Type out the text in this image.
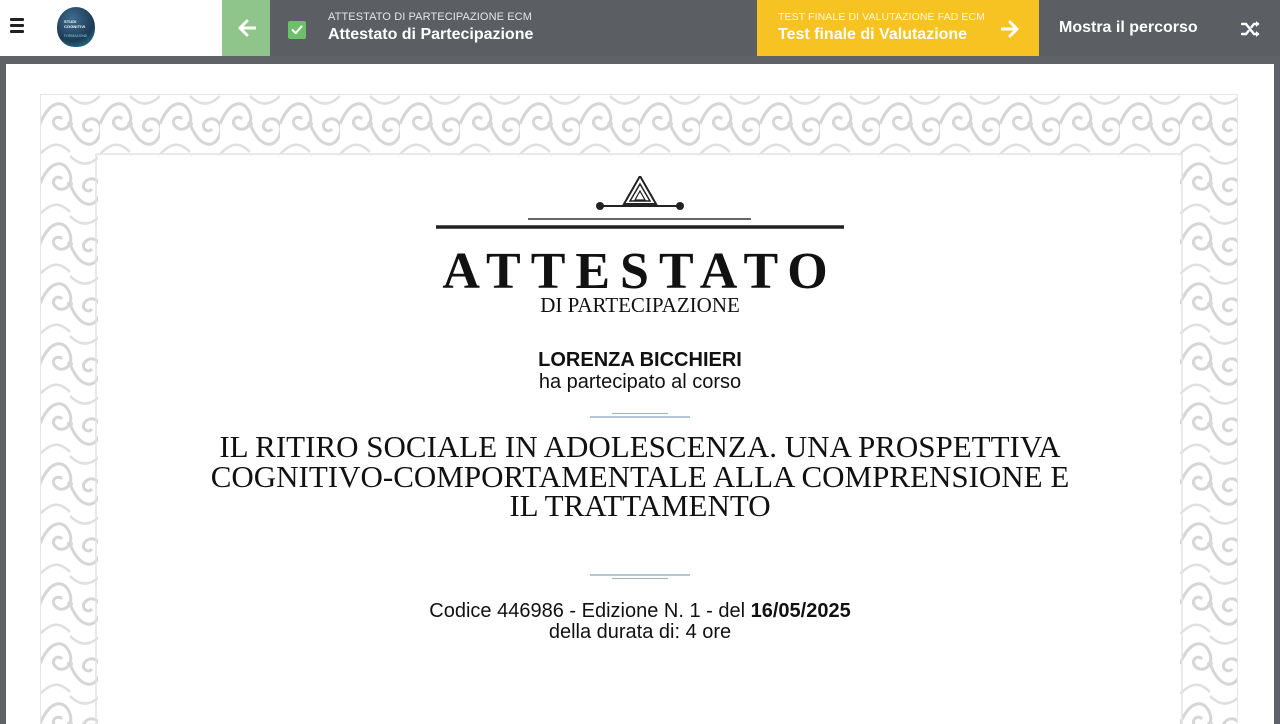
STUDI COGNITIVI
FORMAZIONE
ATTESTATO DI PARTECIPAZIONE ECM
Attestato di Partecipazione
TEST FINALE DI VALUTAZIONE FAD ECM
Test finale di Valutazione	Mostra il percorso
ATTESTATO
DI PARTECIPAZIONE
LORENZA BICCHIERI
ha partecipato al corso
IL RITIRO SOCIALE IN ADOLESCENZA. UNA PROSPETTIVA
COGNITIVO-COMPORTAMENTALE ALLA COMPRENSIONE E
IL TRATTAMENTO
Codice 446986 - Edizione N. 1 - del 16/05/2025
della durata di: 4 ore
